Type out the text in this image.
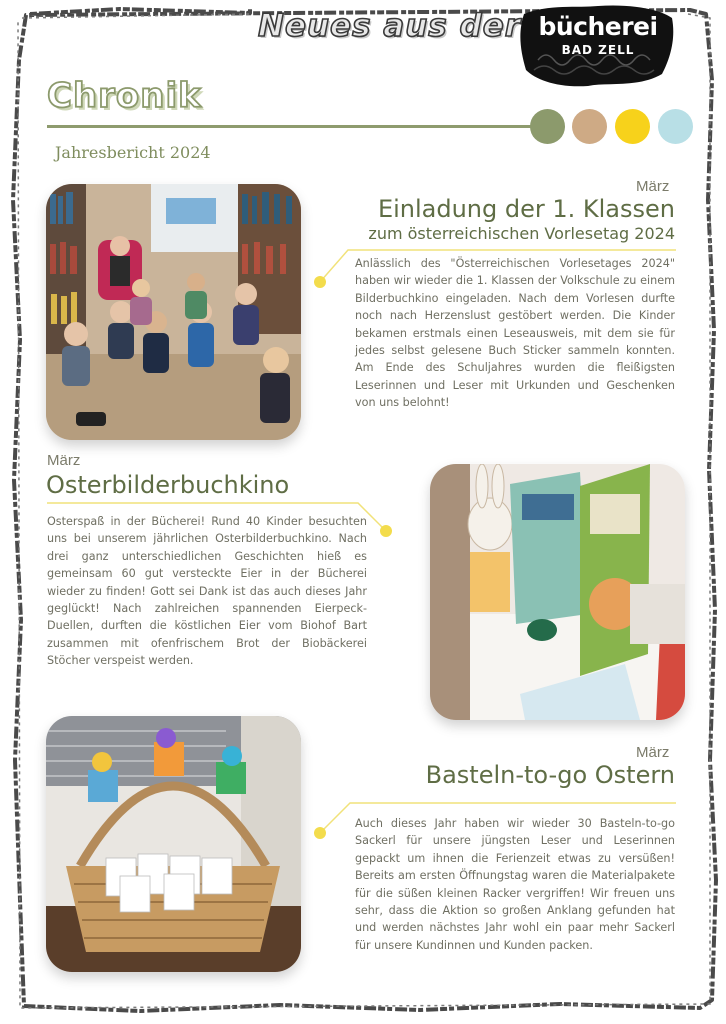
Neues aus der bücherei
BAD ZELL
Chronik
Jahresbericht 2024
März
Einladung der 1. Klassen
zum österreichischen Vorlesetag 2024
Anlässlich des "Österreichischen Vorlesetages 2024" haben wir wieder die 1. Klassen der Volkschule zu einem Bilderbuchkino eingeladen. Nach dem Vorlesen durfte noch nach Herzenslust gestöbert werden. Die Kinder bekamen erstmals einen Leseausweis, mit dem sie für jedes selbst gelesene Buch Sticker sammeln konnten. Am Ende des Schuljahres wurden die fleißigsten Leserinnen und Leser mit Urkunden und Geschenken von uns belohnt!
März
Osterbilderbuchkino
Osterspaß in der Bücherei! Rund 40 Kinder besuchten uns bei unserem jährlichen Osterbilderbuchkino. Nach drei ganz unterschiedlichen Geschichten hieß es gemeinsam 60 gut versteckte Eier in der Bücherei wieder zu finden! Gott sei Dank ist das auch dieses Jahr geglückt! Nach zahlreichen spannenden Eierpeck-Duellen, durften die köstlichen Eier vom Biohof Bart zusammen mit ofenfrischem Brot der Biobäckerei Stöcher verspeist werden.
März
Basteln-to-go Ostern
Auch dieses Jahr haben wir wieder 30 Basteln-to-go Sackerl für unsere jüngsten Leser und Leserinnen gepackt um ihnen die Ferienzeit etwas zu versüßen! Bereits am ersten Öffnungstag waren die Materialpakete für die süßen kleinen Racker vergriffen! Wir freuen uns sehr, dass die Aktion so großen Anklang gefunden hat und werden nächstes Jahr wohl ein paar mehr Sackerl für unsere Kundinnen und Kunden packen.
